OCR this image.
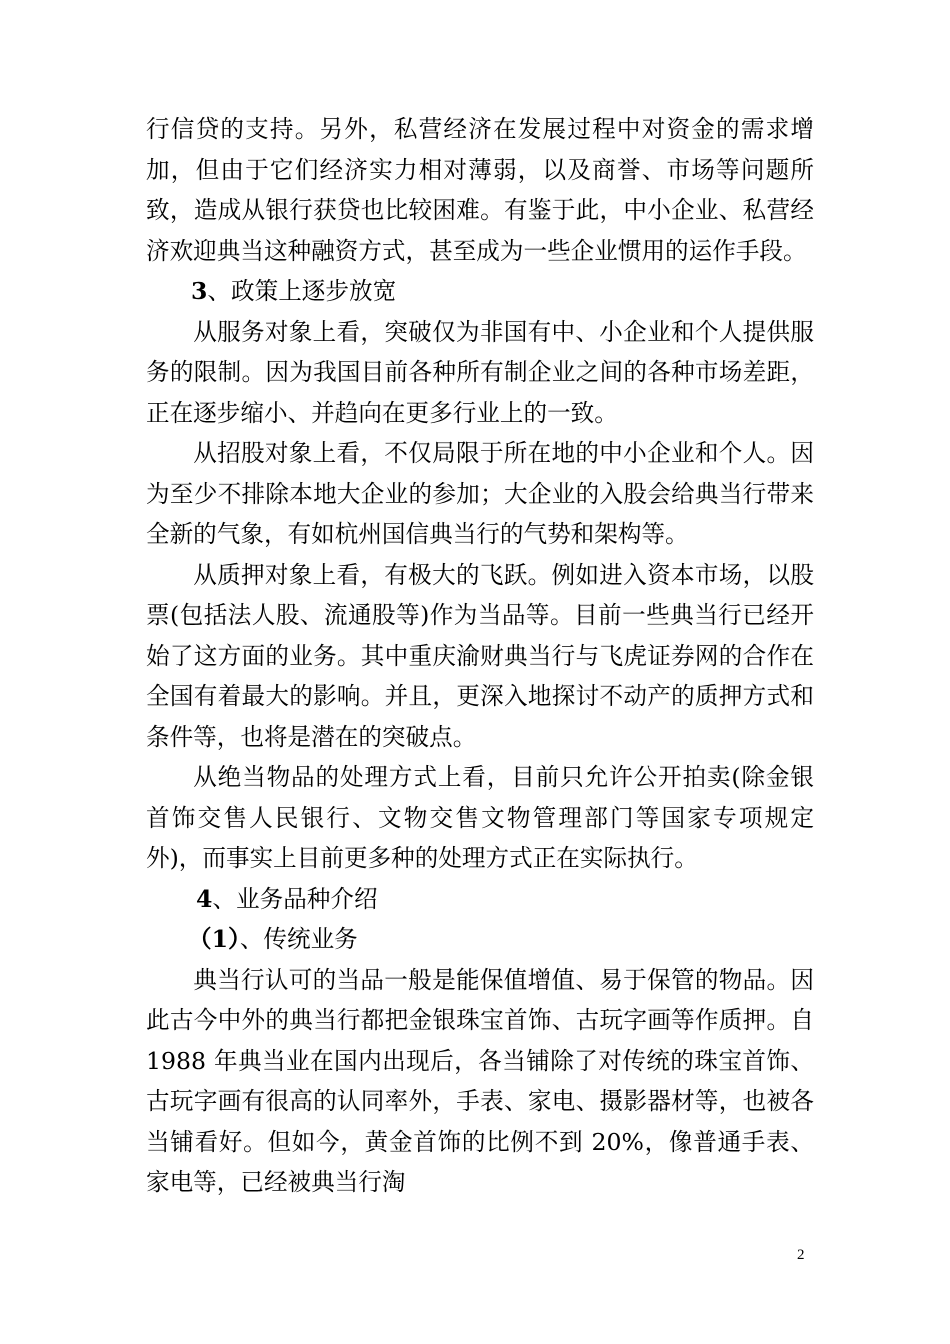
行信贷的支持。另外，私营经济在发展过程中对资金的需求增加，但由于它们经济实力相对薄弱，以及商誉、市场等问题所致，造成从银行获贷也比较困难。有鉴于此，中小企业、私营经济欢迎典当这种融资方式，甚至成为一些企业惯用的运作手段。

3、政策上逐步放宽

从服务对象上看，突破仅为非国有中、小企业和个人提供服务的限制。因为我国目前各种所有制企业之间的各种市场差距，正在逐步缩小、并趋向在更多行业上的一致。

从招股对象上看，不仅局限于所在地的中小企业和个人。因为至少不排除本地大企业的参加；大企业的入股会给典当行带来全新的气象，有如杭州国信典当行的气势和架构等。

从质押对象上看，有极大的飞跃。例如进入资本市场，以股票(包括法人股、流通股等)作为当品等。目前一些典当行已经开始了这方面的业务。其中重庆渝财典当行与飞虎证券网的合作在全国有着最大的影响。并且，更深入地探讨不动产的质押方式和条件等，也将是潜在的突破点。

从绝当物品的处理方式上看，目前只允许公开拍卖(除金银首饰交售人民银行、文物交售文物管理部门等国家专项规定外)，而事实上目前更多种的处理方式正在实际执行。

4、业务品种介绍

（1）、传统业务

典当行认可的当品一般是能保值增值、易于保管的物品。因此古今中外的典当行都把金银珠宝首饰、古玩字画等作质押。自 1988 年典当业在国内出现后，各当铺除了对传统的珠宝首饰、古玩字画有很高的认同率外，手表、家电、摄影器材等，也被各当铺看好。但如今，黄金首饰的比例不到 20%，像普通手表、家电等，已经被典当行淘

2
